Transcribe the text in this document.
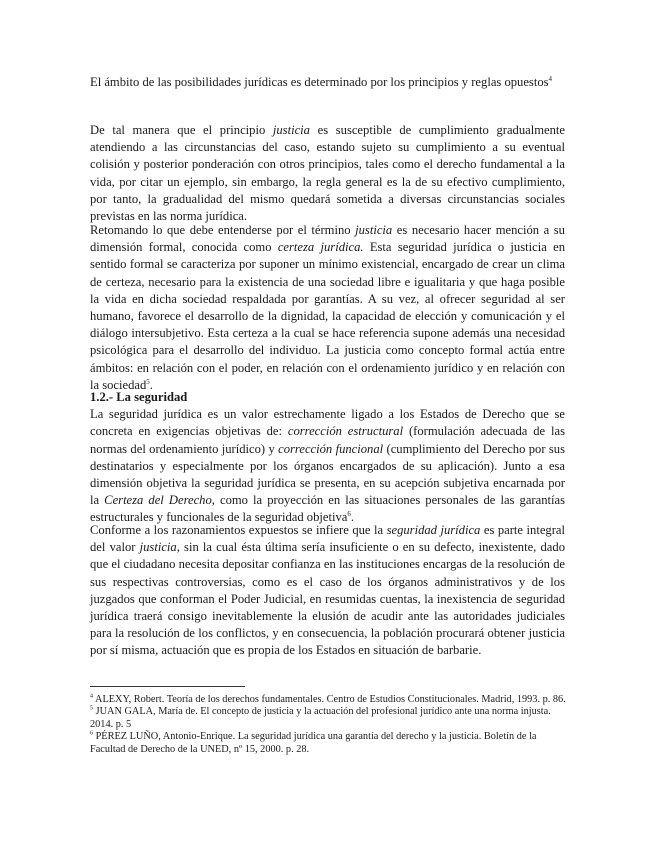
El ámbito de las posibilidades jurídicas es determinado por los principios y reglas opuestos$^4$

De tal manera que el principio justicia es susceptible de cumplimiento gradualmente atendiendo a las circunstancias del caso, estando sujeto su cumplimiento a su eventual colisión y posterior ponderación con otros principios, tales como el derecho fundamental a la vida, por citar un ejemplo, sin embargo, la regla general es la de su efectivo cumplimiento, por tanto, la gradualidad del mismo quedará sometida a diversas circunstancias sociales previstas en las norma jurídica.

Retomando lo que debe entenderse por el término justicia es necesario hacer mención a su dimensión formal, conocida como certeza jurídica. Esta seguridad jurídica o justicia en sentido formal se caracteriza por suponer un mínimo existencial, encargado de crear un clima de certeza, necesario para la existencia de una sociedad libre e igualitaria y que haga posible la vida en dicha sociedad respaldada por garantías. A su vez, al ofrecer seguridad al ser humano, favorece el desarrollo de la dignidad, la capacidad de elección y comunicación y el diálogo intersubjetivo. Esta certeza a la cual se hace referencia supone además una necesidad psicológica para el desarrollo del individuo. La justicia como concepto formal actúa entre ámbitos: en relación con el poder, en relación con el ordenamiento jurídico y en relación con la sociedad$^5$.

1.2.- La seguridad

La seguridad jurídica es un valor estrechamente ligado a los Estados de Derecho que se concreta en exigencias objetivas de: corrección estructural (formulación adecuada de las normas del ordenamiento jurídico) y corrección funcional (cumplimiento del Derecho por sus destinatarios y especialmente por los órganos encargados de su aplicación). Junto a esa dimensión objetiva la seguridad jurídica se presenta, en su acepción subjetiva encarnada por la Certeza del Derecho, como la proyección en las situaciones personales de las garantías estructurales y funcionales de la seguridad objetiva$^6$.

Conforme a los razonamientos expuestos se infiere que la seguridad jurídica es parte integral del valor justicia, sin la cual ésta última sería insuficiente o en su defecto, inexistente, dado que el ciudadano necesita depositar confianza en las instituciones encargas de la resolución de sus respectivas controversias, como es el caso de los órganos administrativos y de los juzgados que conforman el Poder Judicial, en resumidas cuentas, la inexistencia de seguridad jurídica traerá consigo inevitablemente la elusión de acudir ante las autoridades judiciales para la resolución de los conflictos, y en consecuencia, la población procurará obtener justicia por sí misma, actuación que es propia de los Estados en situación de barbarie.

$^4$ ALEXY, Robert. Teoría de los derechos fundamentales. Centro de Estudios Constitucionales. Madrid, 1993. p. 86.

$^5$ JUAN GALA, María de. El concepto de justicia y la actuación del profesional jurídico ante una norma injusta. 2014. p. 5

$^6$ PÉREZ LUÑO, Antonio-Enrique. La seguridad jurídica una garantía del derecho y la justicia. Boletín de la Facultad de Derecho de la UNED, nº 15, 2000. p. 28.
